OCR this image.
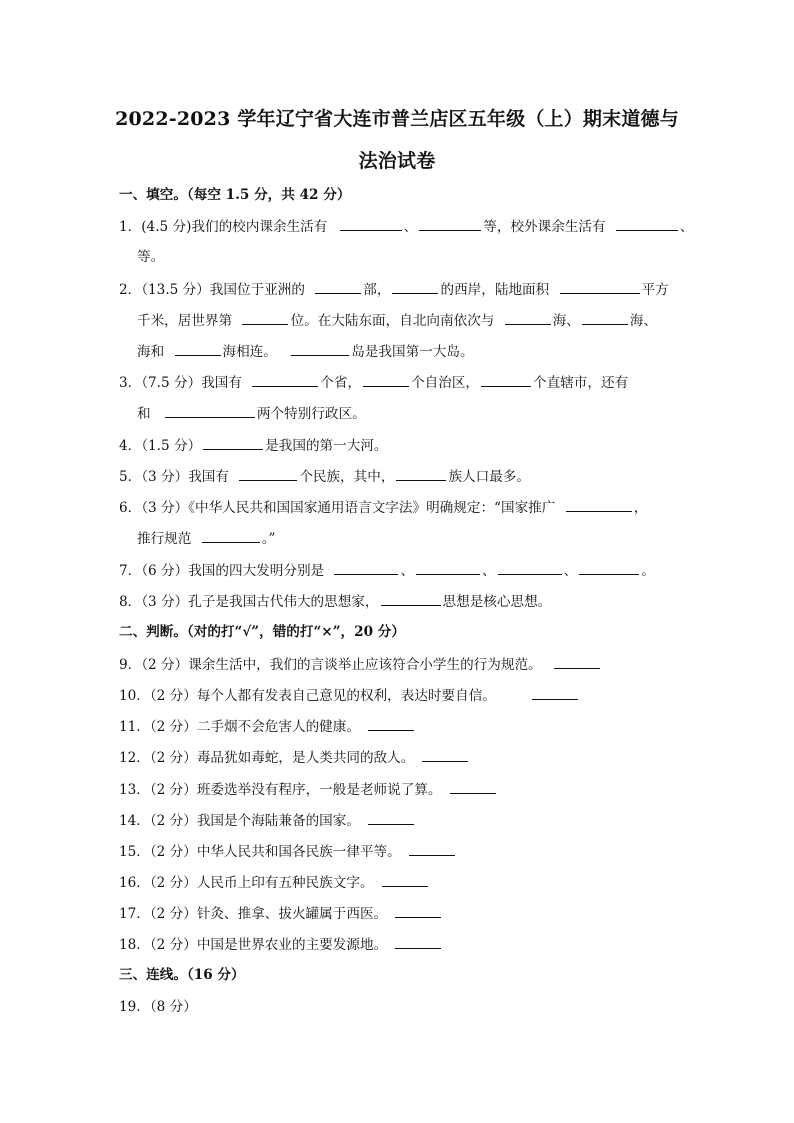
2022-2023 学年辽宁省大连市普兰店区五年级（上）期末道德与
法治试卷
一、填空。（每空 1.5 分，共 42 分）
1．(4.5 分)我们的校内课余生活有	、	等，校外课余生活有	、
等。
2．（13.5 分）我国位于亚洲的	部，	的西岸，陆地面积	平方
千米，居世界第	位。在大陆东面，自北向南依次与	海、	海、
海和	海相连。	岛是我国第一大岛。
3．（7.5 分）我国有	个省，	个自治区，	个直辖市，还有
和	两个特别行政区。
4．（1.5 分）	是我国的第一大河。
5．（3 分）我国有	个民族，其中，	族人口最多。
6．（3 分）《中华人民共和国国家通用语言文字法》明确规定：“国家推广	，
推行规范	。”
7．（6 分）我国的四大发明分别是	、	、	、	。
8．（3 分）孔子是我国古代伟大的思想家，	思想是核心思想。
二、判断。（对的打“√”，错的打“×”，20 分）
9．（2 分）课余生活中，我们的言谈举止应该符合小学生的行为规范。
10．（2 分）每个人都有发表自己意见的权利，表达时要自信。
11．（2 分）二手烟不会危害人的健康。
12．（2 分）毒品犹如毒蛇，是人类共同的敌人。
13．（2 分）班委选举没有程序，一般是老师说了算。
14．（2 分）我国是个海陆兼备的国家。
15．（2 分）中华人民共和国各民族一律平等。
16．（2 分）人民币上印有五种民族文字。
17．（2 分）针灸、推拿、拔火罐属于西医。
18．（2 分）中国是世界农业的主要发源地。
三、连线。（16 分）
19．（8 分）
